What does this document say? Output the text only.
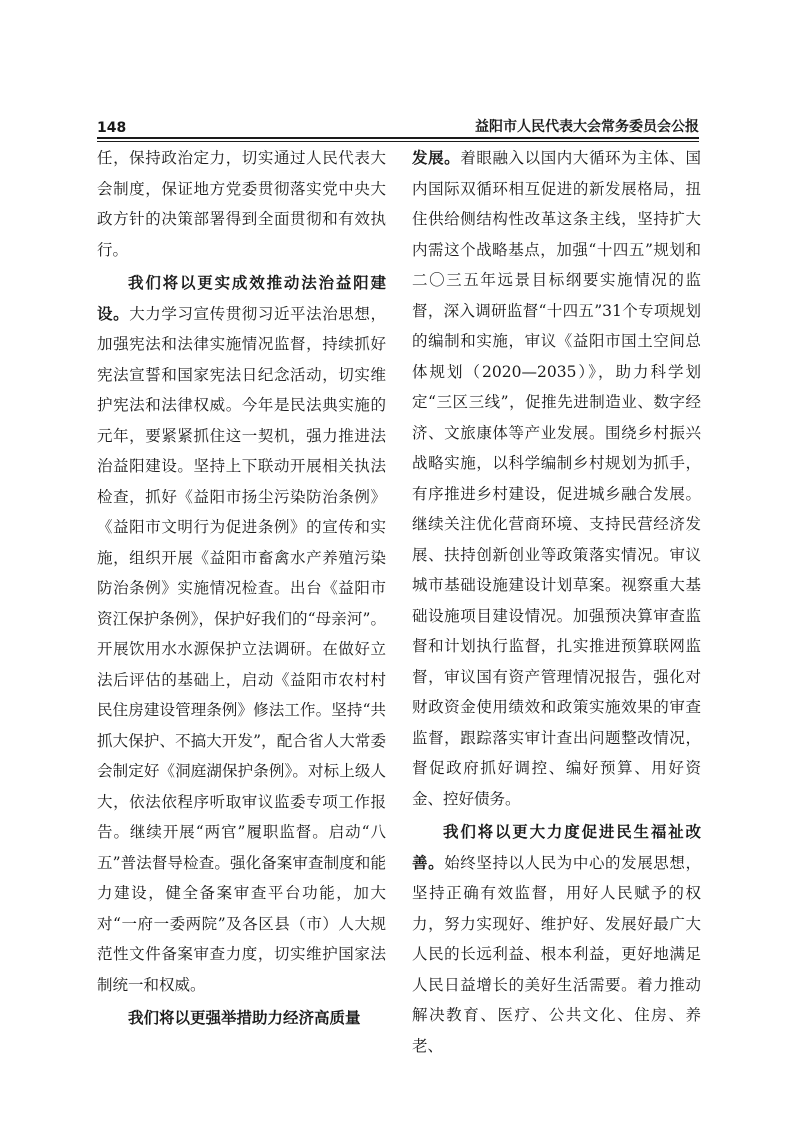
148	益阳市人民代表大会常务委员会公报

任，保持政治定力，切实通过人民代表大会制度，保证地方党委贯彻落实党中央大政方针的决策部署得到全面贯彻和有效执行。

我们将以更实成效推动法治益阳建设。大力学习宣传贯彻习近平法治思想，加强宪法和法律实施情况监督，持续抓好宪法宣誓和国家宪法日纪念活动，切实维护宪法和法律权威。今年是民法典实施的元年，要紧紧抓住这一契机，强力推进法治益阳建设。坚持上下联动开展相关执法检查，抓好《益阳市扬尘污染防治条例》《益阳市文明行为促进条例》的宣传和实施，组织开展《益阳市畜禽水产养殖污染防治条例》实施情况检查。出台《益阳市资江保护条例》，保护好我们的“母亲河”。开展饮用水水源保护立法调研。在做好立法后评估的基础上，启动《益阳市农村村民住房建设管理条例》修法工作。坚持“共抓大保护、不搞大开发”，配合省人大常委会制定好《洞庭湖保护条例》。对标上级人大，依法依程序听取审议监委专项工作报告。继续开展“两官”履职监督。启动“八五”普法督导检查。强化备案审查制度和能力建设，健全备案审查平台功能，加大对“一府一委两院”及各区县（市）人大规范性文件备案审查力度，切实维护国家法制统一和权威。

我们将以更强举措助力经济高质量

发展。着眼融入以国内大循环为主体、国内国际双循环相互促进的新发展格局，扭住供给侧结构性改革这条主线，坚持扩大内需这个战略基点，加强“十四五”规划和二〇三五年远景目标纲要实施情况的监督，深入调研监督“十四五”31个专项规划的编制和实施，审议《益阳市国土空间总体规划（2020—2035）》，助力科学划定“三区三线”，促推先进制造业、数字经济、文旅康体等产业发展。围绕乡村振兴战略实施，以科学编制乡村规划为抓手，有序推进乡村建设，促进城乡融合发展。继续关注优化营商环境、支持民营经济发展、扶持创新创业等政策落实情况。审议城市基础设施建设计划草案。视察重大基础设施项目建设情况。加强预决算审查监督和计划执行监督，扎实推进预算联网监督，审议国有资产管理情况报告，强化对财政资金使用绩效和政策实施效果的审查监督，跟踪落实审计查出问题整改情况，督促政府抓好调控、编好预算、用好资金、控好债务。

我们将以更大力度促进民生福祉改善。始终坚持以人民为中心的发展思想，坚持正确有效监督，用好人民赋予的权力，努力实现好、维护好、发展好最广大人民的长远利益、根本利益，更好地满足人民日益增长的美好生活需要。着力推动解决教育、医疗、公共文化、住房、养老、
